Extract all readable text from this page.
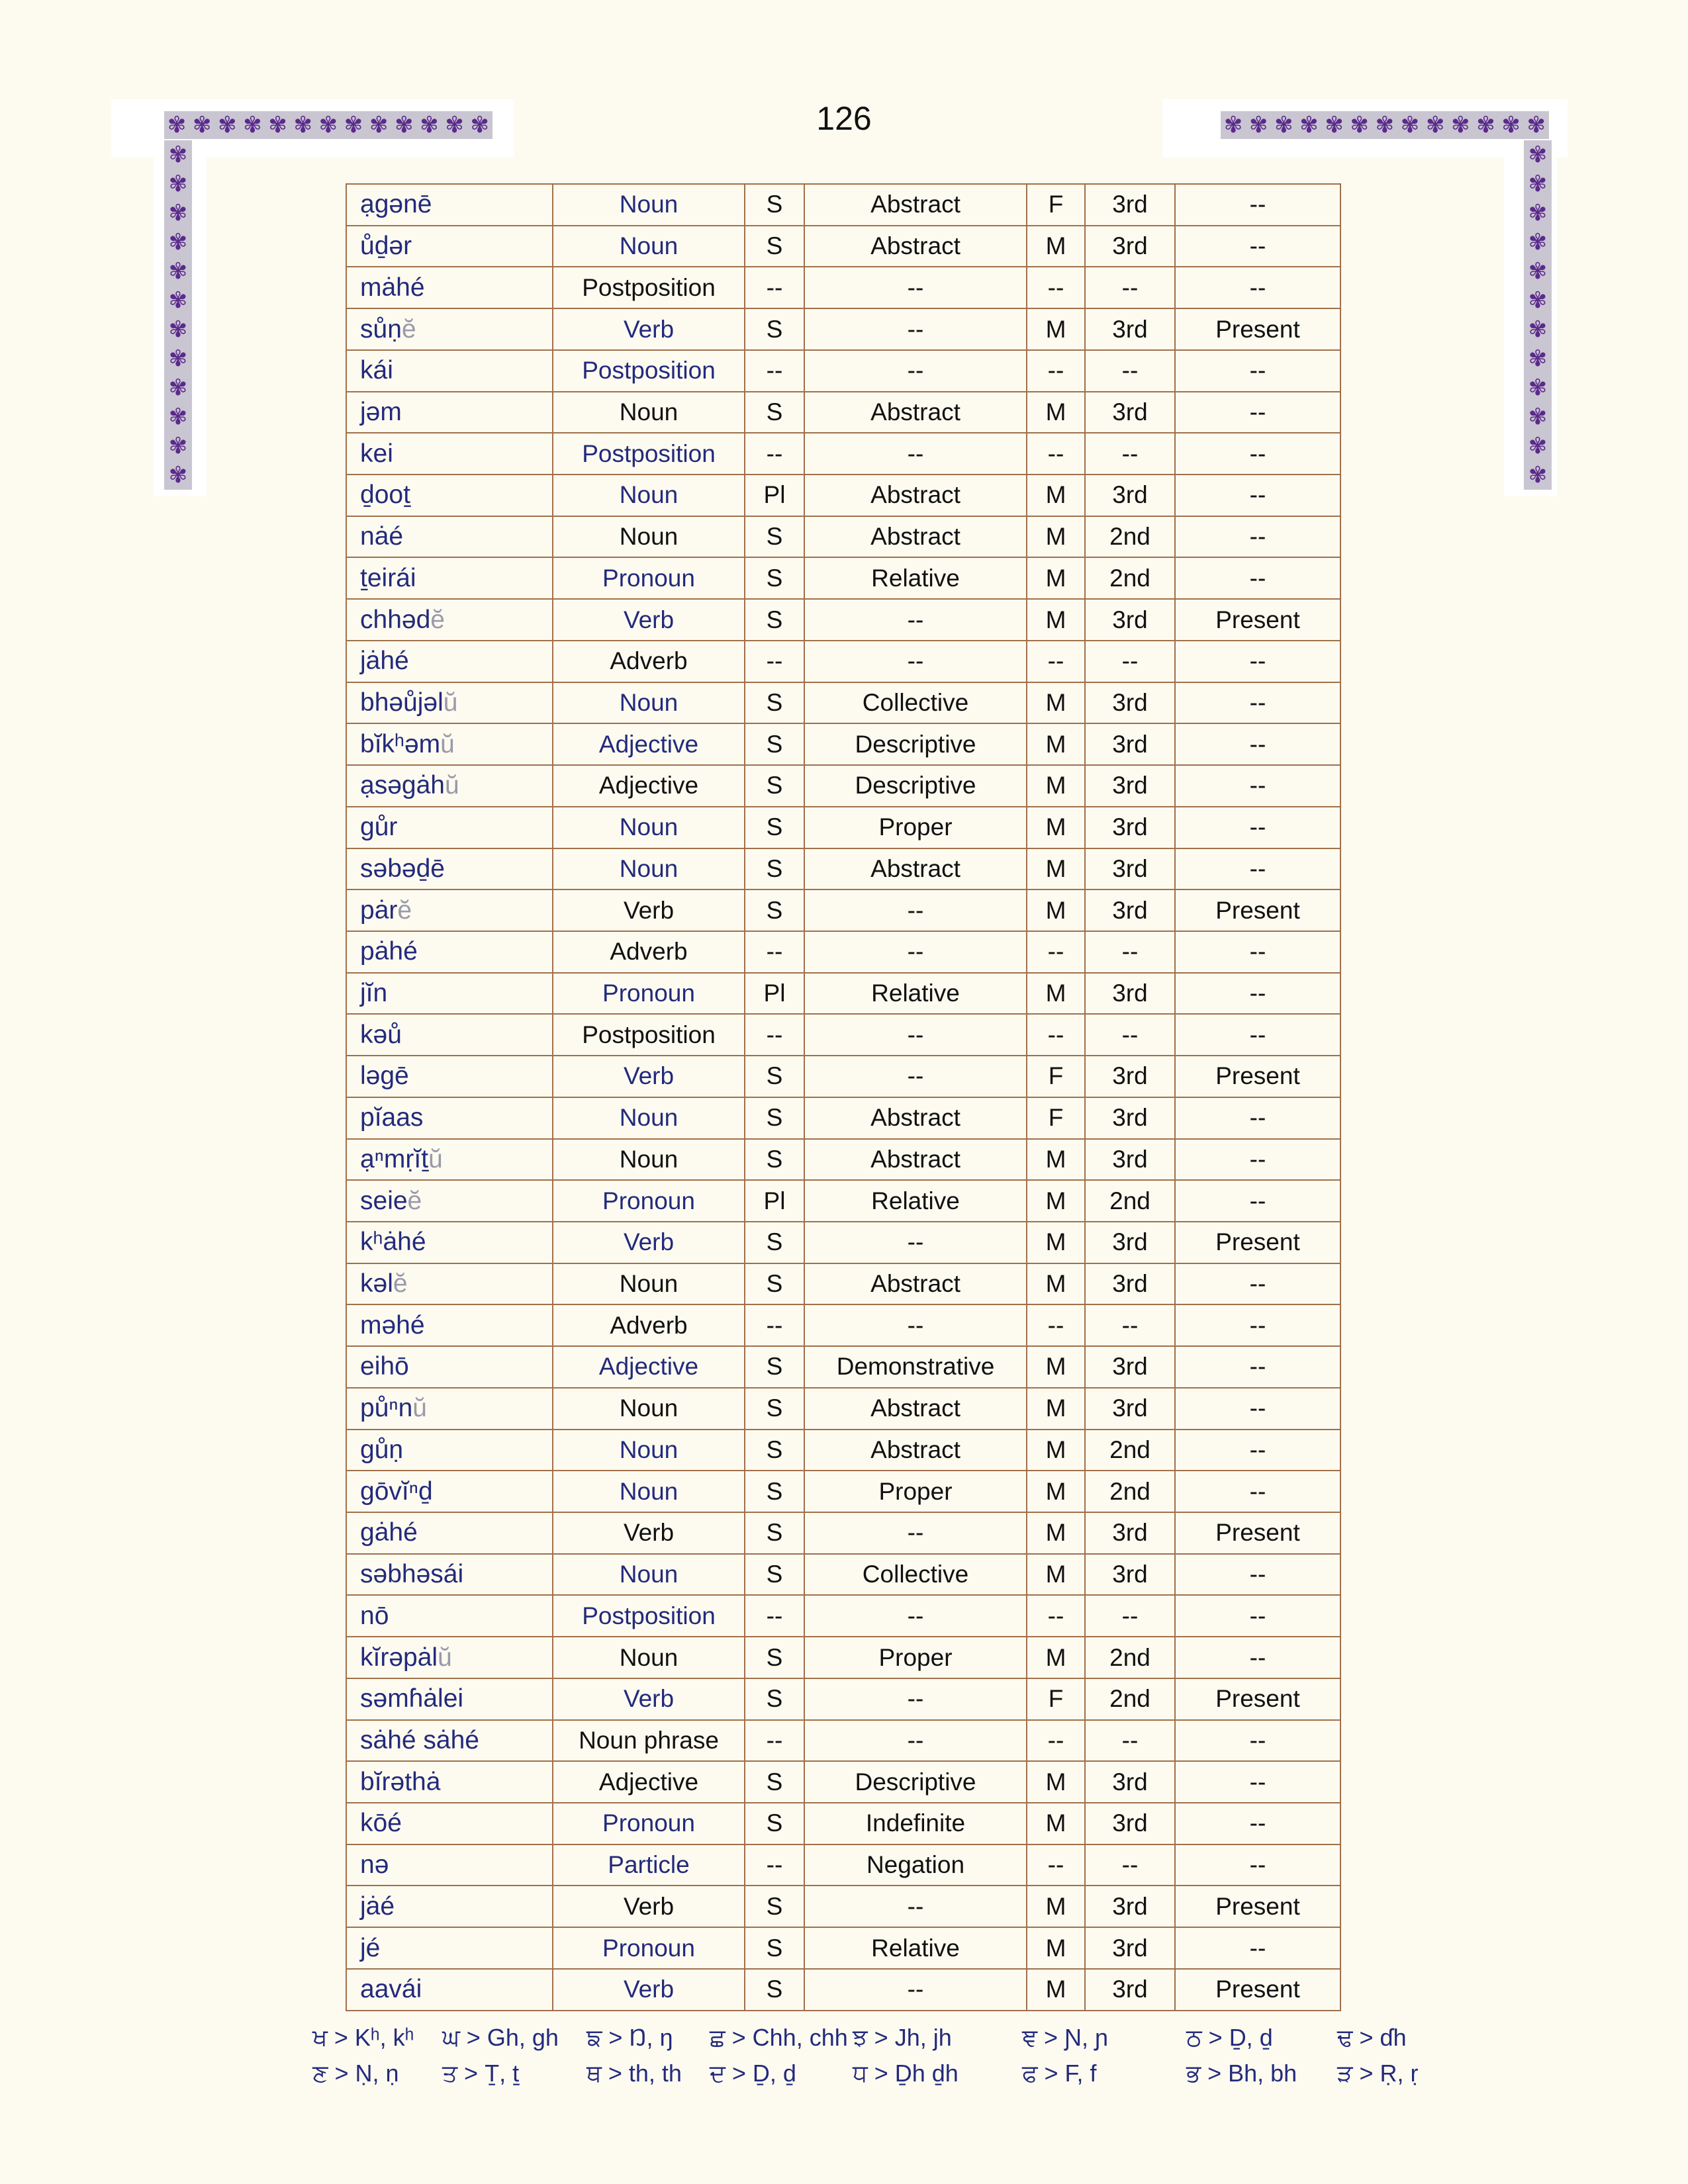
✾ ✾ ✾ ✾ ✾ ✾ ✾ ✾ ✾ ✾ ✾ ✾ ✾
✾
✾
✾
✾
✾
✾
✾
✾
✾
✾
✾
✾
✾ ✾ ✾ ✾ ✾ ✾ ✾ ✾ ✾ ✾ ✾ ✾ ✾
✾
✾
✾
✾
✾
✾
✾
✾
✾
✾
✾
✾
126
ạgənē	Noun	S	Abstract	F	3rd	--
ůḏər	Noun	S	Abstract	M	3rd	--
mȧhé	Postposition	--	--	--	--	--
sůṇĕ	Verb	S	--	M	3rd	Present
kái	Postposition	--	--	--	--	--
jəm	Noun	S	Abstract	M	3rd	--
kei	Postposition	--	--	--	--	--
ḏooṯ	Noun	Pl	Abstract	M	3rd	--
nȧé	Noun	S	Abstract	M	2nd	--
ṯeirái	Pronoun	S	Relative	M	2nd	--
chhədĕ	Verb	S	--	M	3rd	Present
jȧhé	Adverb	--	--	--	--	--
bhəůjəlŭ	Noun	S	Collective	M	3rd	--
bĭkʰəmŭ	Adjective	S	Descriptive	M	3rd	--
ạsəgȧhŭ	Adjective	S	Descriptive	M	3rd	--
gůr	Noun	S	Proper	M	3rd	--
səbəḏē	Noun	S	Abstract	M	3rd	--
pȧrĕ	Verb	S	--	M	3rd	Present
pȧhé	Adverb	--	--	--	--	--
jĭn	Pronoun	Pl	Relative	M	3rd	--
kəů	Postposition	--	--	--	--	--
ləgē	Verb	S	--	F	3rd	Present
pĭaas	Noun	S	Abstract	F	3rd	--
ạⁿmṛĭṯŭ	Noun	S	Abstract	M	3rd	--
seieĕ	Pronoun	Pl	Relative	M	2nd	--
kʰȧhé	Verb	S	--	M	3rd	Present
kəlĕ	Noun	S	Abstract	M	3rd	--
məhé	Adverb	--	--	--	--	--
eihō	Adjective	S	Demonstrative	M	3rd	--
půⁿnŭ	Noun	S	Abstract	M	3rd	--
gůṇ	Noun	S	Abstract	M	2nd	--
gōvĭⁿḏ	Noun	S	Proper	M	2nd	--
gȧhé	Verb	S	--	M	3rd	Present
səbhəsái	Noun	S	Collective	M	3rd	--
nō	Postposition	--	--	--	--	--
kĭrəpȧlŭ	Noun	S	Proper	M	2nd	--
səmɦȧlei	Verb	S	--	F	2nd	Present
sȧhé sȧhé	Noun phrase	--	--	--	--	--
bĭrəthȧ	Adjective	S	Descriptive	M	3rd	--
kōé	Pronoun	S	Indefinite	M	3rd	--
nə	Particle	--	Negation	--	--	--
jȧé	Verb	S	--	M	3rd	Present
jé	Pronoun	S	Relative	M	3rd	--
aavái	Verb	S	--	M	3rd	Present
ਖ > Kʰ, kʰ ਘ > Gh, gh ਙ > Ŋ, ŋ ਛ > Chh, chh ਝ > Jh, jh	ਞ > Ɲ, ɲ	ਠ > Ḏ, ḏ	ਢ > ɗh
ਣ > Ṇ, ṇ ਤ > Ṯ, ṯ	ਥ > th, th ਦ > Ḏ, ḏ ਧ > Ḏh ḏh	ਫ > F, f	ਭ > Bh, bh ੜ > Ṛ, ṛ
